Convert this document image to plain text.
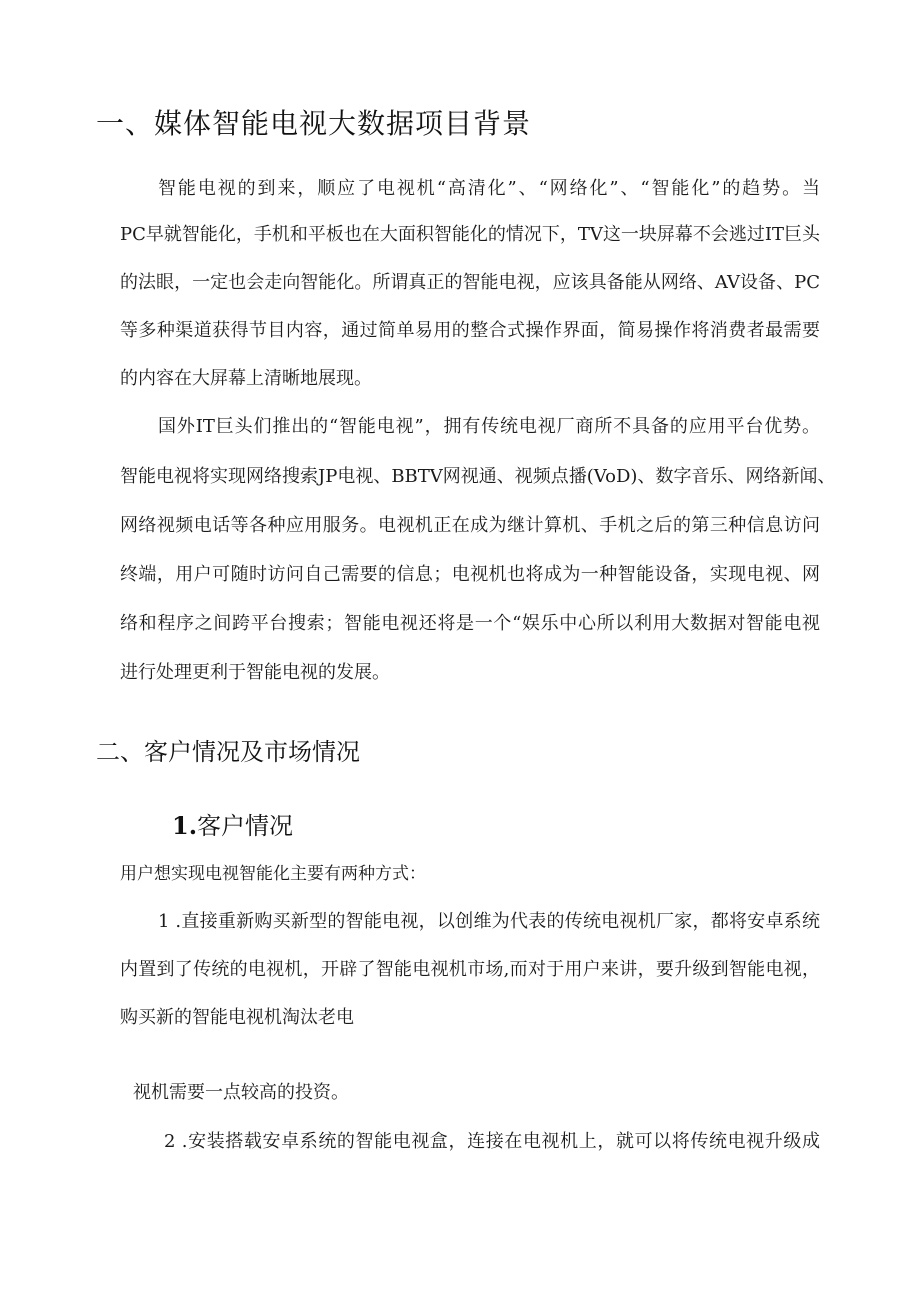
一、媒体智能电视大数据项目背景
智能电视的到来，顺应了电视机“高清化”、“网络化”、“智能化”的趋势。当
PC早就智能化，手机和平板也在大面积智能化的情况下，TV这一块屏幕不会逃过IT巨头
的法眼，一定也会走向智能化。所谓真正的智能电视，应该具备能从网络、AV设备、PC
等多种渠道获得节目内容，通过简单易用的整合式操作界面，简易操作将消费者最需要
的内容在大屏幕上清晰地展现。
国外IT巨头们推出的“智能电视”，拥有传统电视厂商所不具备的应用平台优势。
智能电视将实现网络搜索JP电视、BBTV网视通、视频点播(VoD)、数字音乐、网络新闻、
网络视频电话等各种应用服务。电视机正在成为继计算机、手机之后的第三种信息访问
终端，用户可随时访问自己需要的信息；电视机也将成为一种智能设备，实现电视、网
络和程序之间跨平台搜索；智能电视还将是一个“娱乐中心所以利用大数据对智能电视
进行处理更利于智能电视的发展。
二、客户情况及市场情况
1.客户情况
用户想实现电视智能化主要有两种方式：
1 .直接重新购买新型的智能电视，以创维为代表的传统电视机厂家，都将安卓系统
内置到了传统的电视机，开辟了智能电视机市场,而对于用户来讲，要升级到智能电视，
购买新的智能电视机淘汰老电
视机需要一点较高的投资。
2 .安装搭载安卓系统的智能电视盒，连接在电视机上，就可以将传统电视升级成
